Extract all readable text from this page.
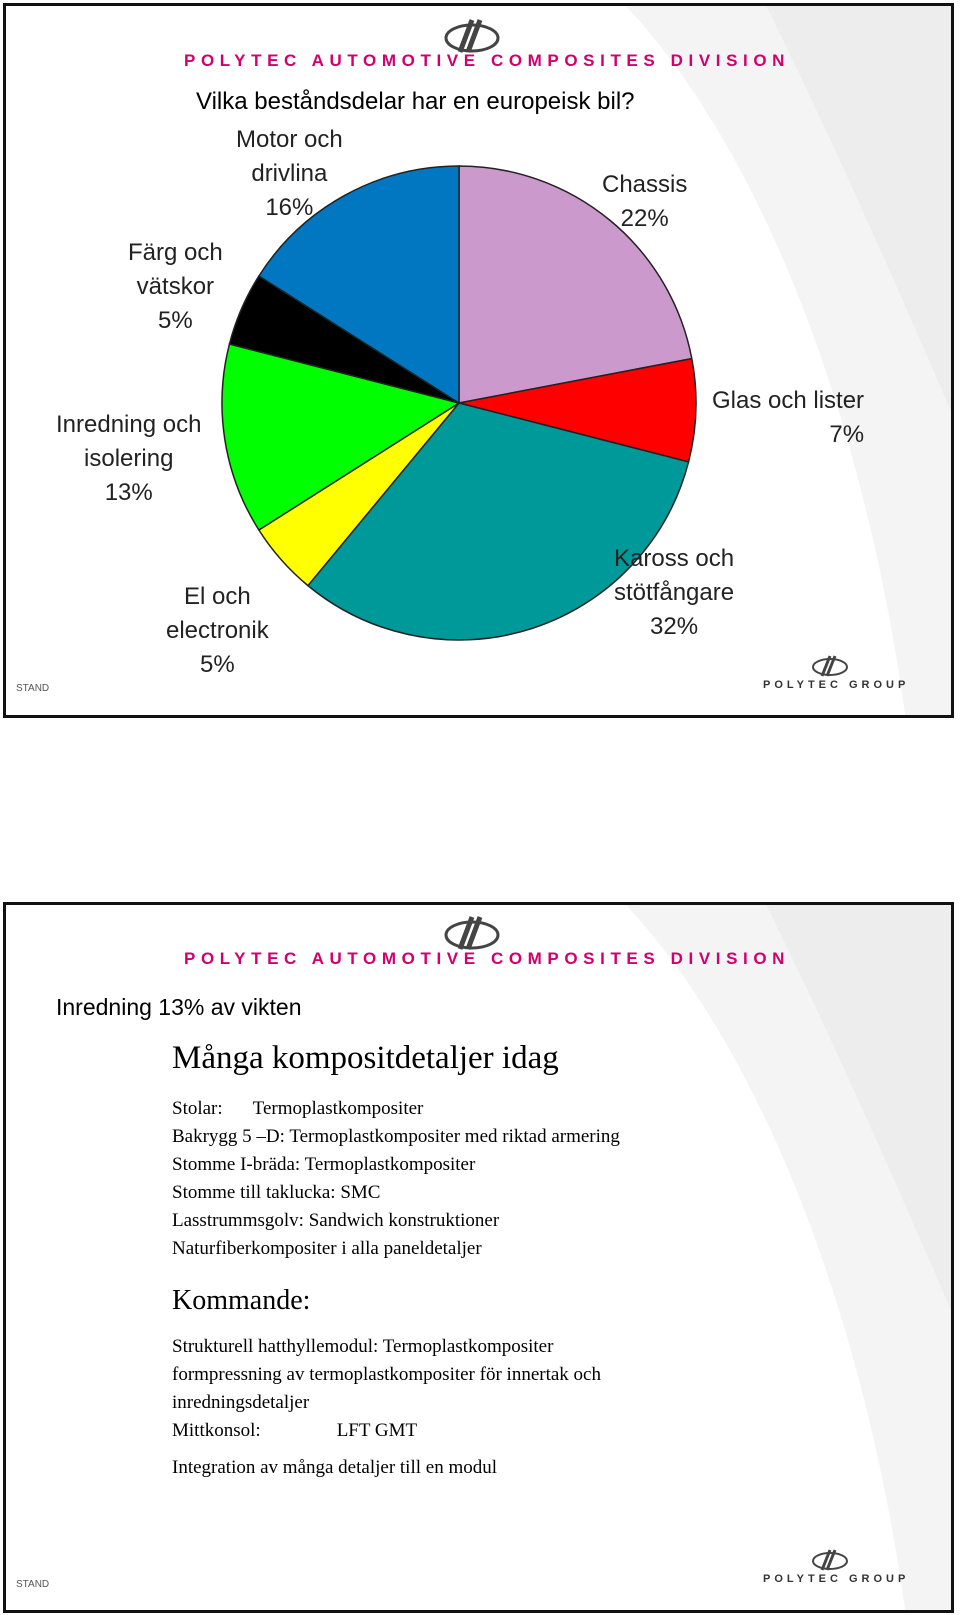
POLYTEC AUTOMOTIVE COMPOSITES DIVISION
Vilka beståndsdelar har en europeisk bil?
Chassis
22%
Glas och lister
7%
Kaross och
stötfångare
32%
El och
electronik
5%
Inredning och
isolering
13%
Färg och
vätskor
5%
Motor och
drivlina
16%
STAND	POLYTEC GROUP
POLYTEC AUTOMOTIVE COMPOSITES DIVISION
Inredning 13% av vikten
Många kompositdetaljer idag
Stolar: Termoplastkompositer
Bakrygg 5 –D: Termoplastkompositer med riktad armering
Stomme I-bräda: Termoplastkompositer
Stomme till taklucka: SMC
Lasstrummsgolv: Sandwich konstruktioner
Naturfiberkompositer i alla paneldetaljer
Kommande:
Strukturell hatthyllemodul: Termoplastkompositer
formpressning av termoplastkompositer för innertak och
inredningsdetaljer
Mittkonsol:	LFT GMT
Integration av många detaljer till en modul
STAND	POLYTEC GROUP
